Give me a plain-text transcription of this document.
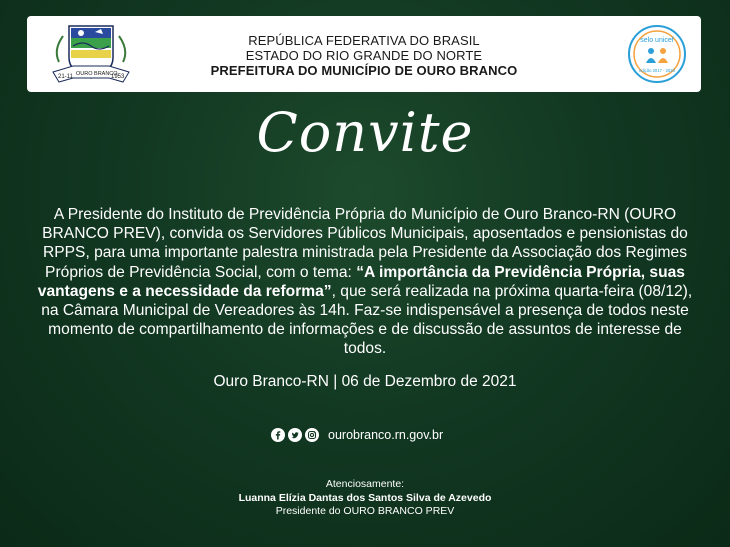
21-11 OURO BRANCO
1953
REPÚBLICA FEDERATIVA DO BRASIL
ESTADO DO RIO GRANDE DO NORTE
PREFEITURA DO MUNICÍPIO DE OURO BRANCO
selo unicef
edição 2017 - 2020
Convite
A Presidente do Instituto de Previdência Própria do Município de Ouro Branco-RN (OURO BRANCO PREV), convida os Servidores Públicos Municipais, aposentados e pensionistas do RPPS, para uma importante palestra ministrada pela Presidente da Associação dos Regimes Próprios de Previdência Social, com o tema: “A importância da Previdência Própria, suas vantagens e a necessidade da reforma”, que será realizada na próxima quarta-feira (08/12), na Câmara Municipal de Vereadores às 14h. Faz-se indispensável a presença de todos neste momento de compartilhamento de informações e de discussão de assuntos de interesse de todos.
Ouro Branco-RN | 06 de Dezembro de 2021
ourobranco.rn.gov.br
Atenciosamente:
Luanna Elízia Dantas dos Santos Silva de Azevedo
Presidente do OURO BRANCO PREV
